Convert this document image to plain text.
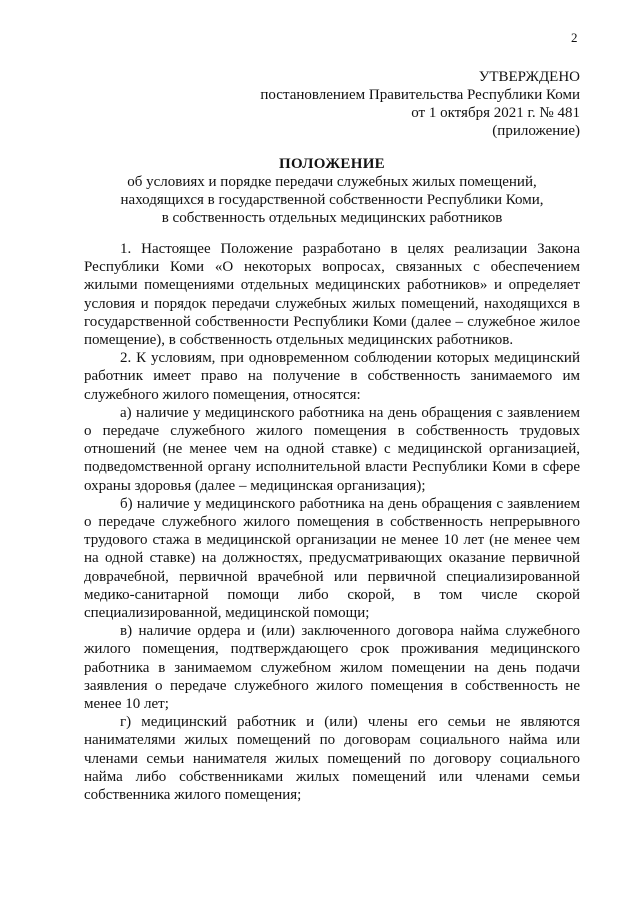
2
УТВЕРЖДЕНО
постановлением Правительства Республики Коми
от 1 октября 2021 г. № 481
(приложение)
ПОЛОЖЕНИЕ
об условиях и порядке передачи служебных жилых помещений,
находящихся в государственной собственности Республики Коми,
в собственность отдельных медицинских работников

1. Настоящее Положение разработано в целях реализации Закона Республики Коми «О некоторых вопросах, связанных с обеспечением жилыми помещениями отдельных медицинских работников» и определяет условия и порядок передачи служебных жилых помещений, находящихся в государственной собственности Республики Коми (далее – служебное жилое помещение), в собственность отдельных медицинских работников.

2. К условиям, при одновременном соблюдении которых медицинский работник имеет право на получение в собственность занимаемого им служебного жилого помещения, относятся:

а) наличие у медицинского работника на день обращения с заявлением о передаче служебного жилого помещения в собственность трудовых отношений (не менее чем на одной ставке) с медицинской организацией, подведомственной органу исполнительной власти Республики Коми в сфере охраны здоровья (далее – медицинская организация);

б) наличие у медицинского работника на день обращения с заявлением о передаче служебного жилого помещения в собственность непрерывного трудового стажа в медицинской организации не менее 10 лет (не менее чем на одной ставке) на должностях, предусматривающих оказание первичной доврачебной, первичной врачебной или первичной специализированной медико-санитарной помощи либо скорой, в том числе скорой специализированной, медицинской помощи;

в) наличие ордера и (или) заключенного договора найма служебного жилого помещения, подтверждающего срок проживания медицинского работника в занимаемом служебном жилом помещении на день подачи заявления о передаче служебного жилого помещения в собственность не менее 10 лет;

г) медицинский работник и (или) члены его семьи не являются нанимателями жилых помещений по договорам социального найма или членами семьи нанимателя жилых помещений по договору социального найма либо собственниками жилых помещений или членами семьи собственника жилого помещения;
